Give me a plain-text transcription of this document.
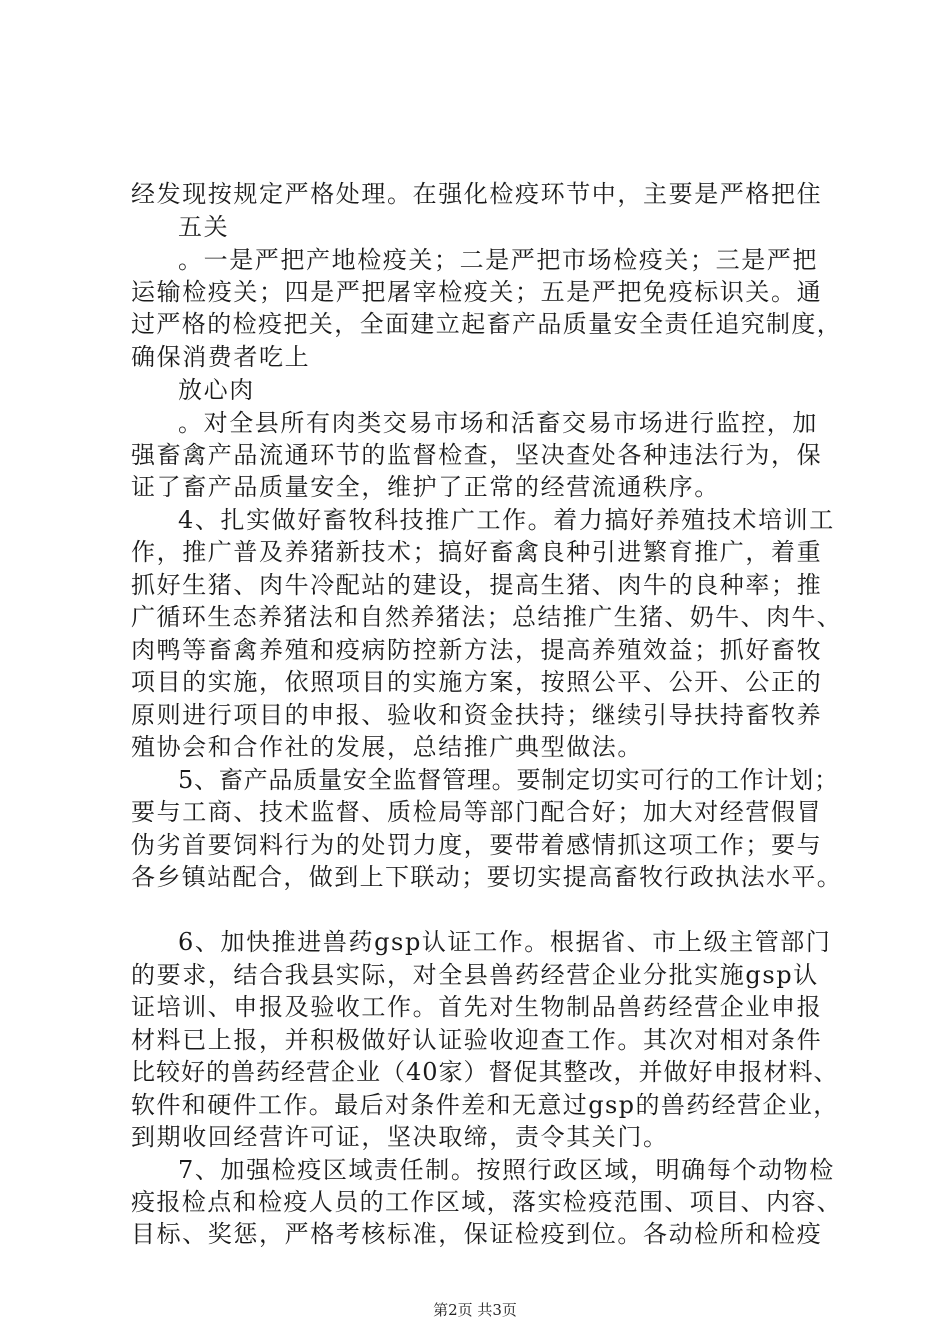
经发现按规定严格处理。在强化检疫环节中，主要是严格把住
五关
。一是严把产地检疫关；二是严把市场检疫关；三是严把
运输检疫关；四是严把屠宰检疫关；五是严把免疫标识关。通
过严格的检疫把关，全面建立起畜产品质量安全责任追究制度，
确保消费者吃上
放心肉
。对全县所有肉类交易市场和活畜交易市场进行监控，加
强畜禽产品流通环节的监督检查，坚决查处各种违法行为，保
证了畜产品质量安全，维护了正常的经营流通秩序。
4、扎实做好畜牧科技推广工作。着力搞好养殖技术培训工
作，推广普及养猪新技术；搞好畜禽良种引进繁育推广，着重
抓好生猪、肉牛冷配站的建设，提高生猪、肉牛的良种率；推
广循环生态养猪法和自然养猪法；总结推广生猪、奶牛、肉牛、
肉鸭等畜禽养殖和疫病防控新方法，提高养殖效益；抓好畜牧
项目的实施，依照项目的实施方案，按照公平、公开、公正的
原则进行项目的申报、验收和资金扶持；继续引导扶持畜牧养
殖协会和合作社的发展，总结推广典型做法。
5、畜产品质量安全监督管理。要制定切实可行的工作计划；
要与工商、技术监督、质检局等部门配合好；加大对经营假冒
伪劣首要饲料行为的处罚力度，要带着感情抓这项工作；要与
各乡镇站配合，做到上下联动；要切实提高畜牧行政执法水平。
6、加快推进兽药gsp认证工作。根据省、市上级主管部门
的要求，结合我县实际，对全县兽药经营企业分批实施gsp认
证培训、申报及验收工作。首先对生物制品兽药经营企业申报
材料已上报，并积极做好认证验收迎查工作。其次对相对条件
比较好的兽药经营企业（40家）督促其整改，并做好申报材料、
软件和硬件工作。最后对条件差和无意过gsp的兽药经营企业，
到期收回经营许可证，坚决取缔，责令其关门。
7、加强检疫区域责任制。按照行政区域，明确每个动物检
疫报检点和检疫人员的工作区域，落实检疫范围、项目、内容、
目标、奖惩，严格考核标准，保证检疫到位。各动检所和检疫
第2页 共3页
